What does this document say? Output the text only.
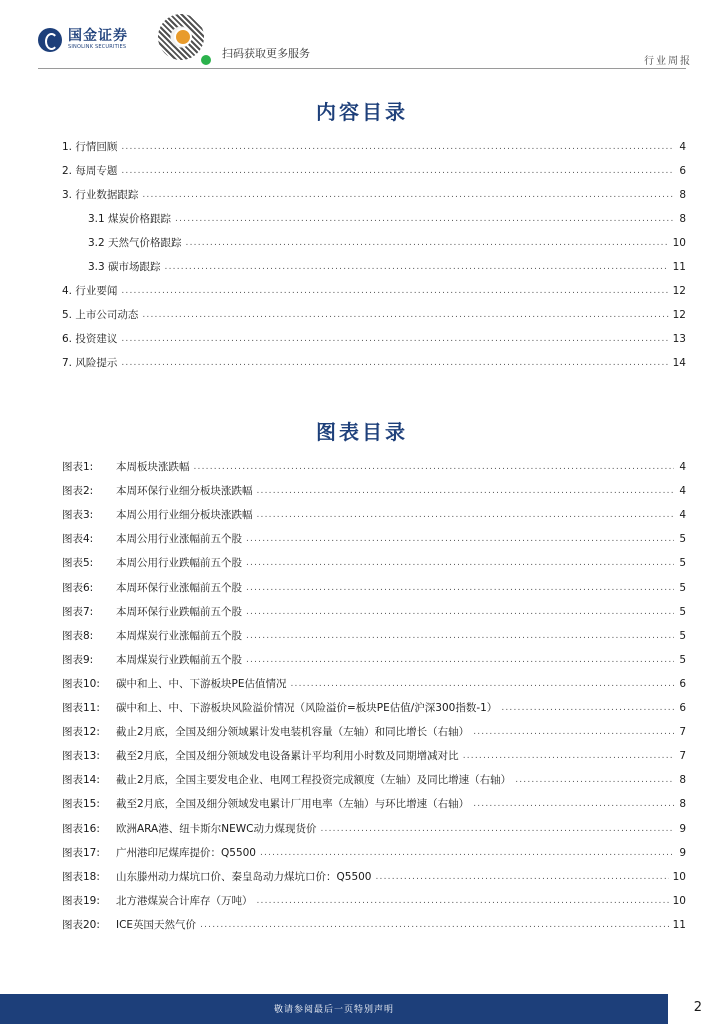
国金证券
SINOLINK SECURITIES	扫码获取更多服务
行业周报
内容目录
1. 行情回顾 .....	4
2. 每周专题 .....	6
3. 行业数据跟踪 .....	8
3.1 煤炭价格跟踪 .....	8
3.2 天然气价格跟踪 .....	10
3.3 碳市场跟踪 .....	11
4. 行业要闻 .....	12
5. 上市公司动态 .....	12
6. 投资建议 .....	13
7. 风险提示 .....	14
图表目录
图表1:	本周板块涨跌幅 .....	4
图表2:	本周环保行业细分板块涨跌幅 .....	4
图表3:	本周公用行业细分板块涨跌幅 .....	4
图表4:	本周公用行业涨幅前五个股 .....	5
图表5:	本周公用行业跌幅前五个股 .....	5
图表6:	本周环保行业涨幅前五个股 .....	5
图表7:	本周环保行业跌幅前五个股 .....	5
图表8:	本周煤炭行业涨幅前五个股 .....	5
图表9:	本周煤炭行业跌幅前五个股 .....	5
图表10:	碳中和上、中、下游板块PE估值情况 .....	6
图表11:	碳中和上、中、下游板块风险溢价情况（风险溢价=板块PE估值/沪深300指数-1） .....	6
图表12:	截止2月底，全国及细分领域累计发电装机容量（左轴）和同比增长（右轴） .....	7
图表13:	截至2月底，全国及细分领域发电设备累计平均利用小时数及同期增减对比 .....	7
图表14:	截止2月底，全国主要发电企业、电网工程投资完成额度（左轴）及同比增速（右轴） .....	8
图表15:	截至2月底，全国及细分领域发电累计厂用电率（左轴）与环比增速（右轴） .....	8
图表16:	欧洲ARA港、纽卡斯尔NEWC动力煤现货价 .....	9
图表17:	广州港印尼煤库提价：Q5500 .....	9
图表18:	山东滕州动力煤坑口价、秦皇岛动力煤坑口价：Q5500 .....	10
图表19:	北方港煤炭合计库存（万吨） .....	10
图表20:	ICE英国天然气价 .....	11
敬请参阅最后一页特别声明	2
